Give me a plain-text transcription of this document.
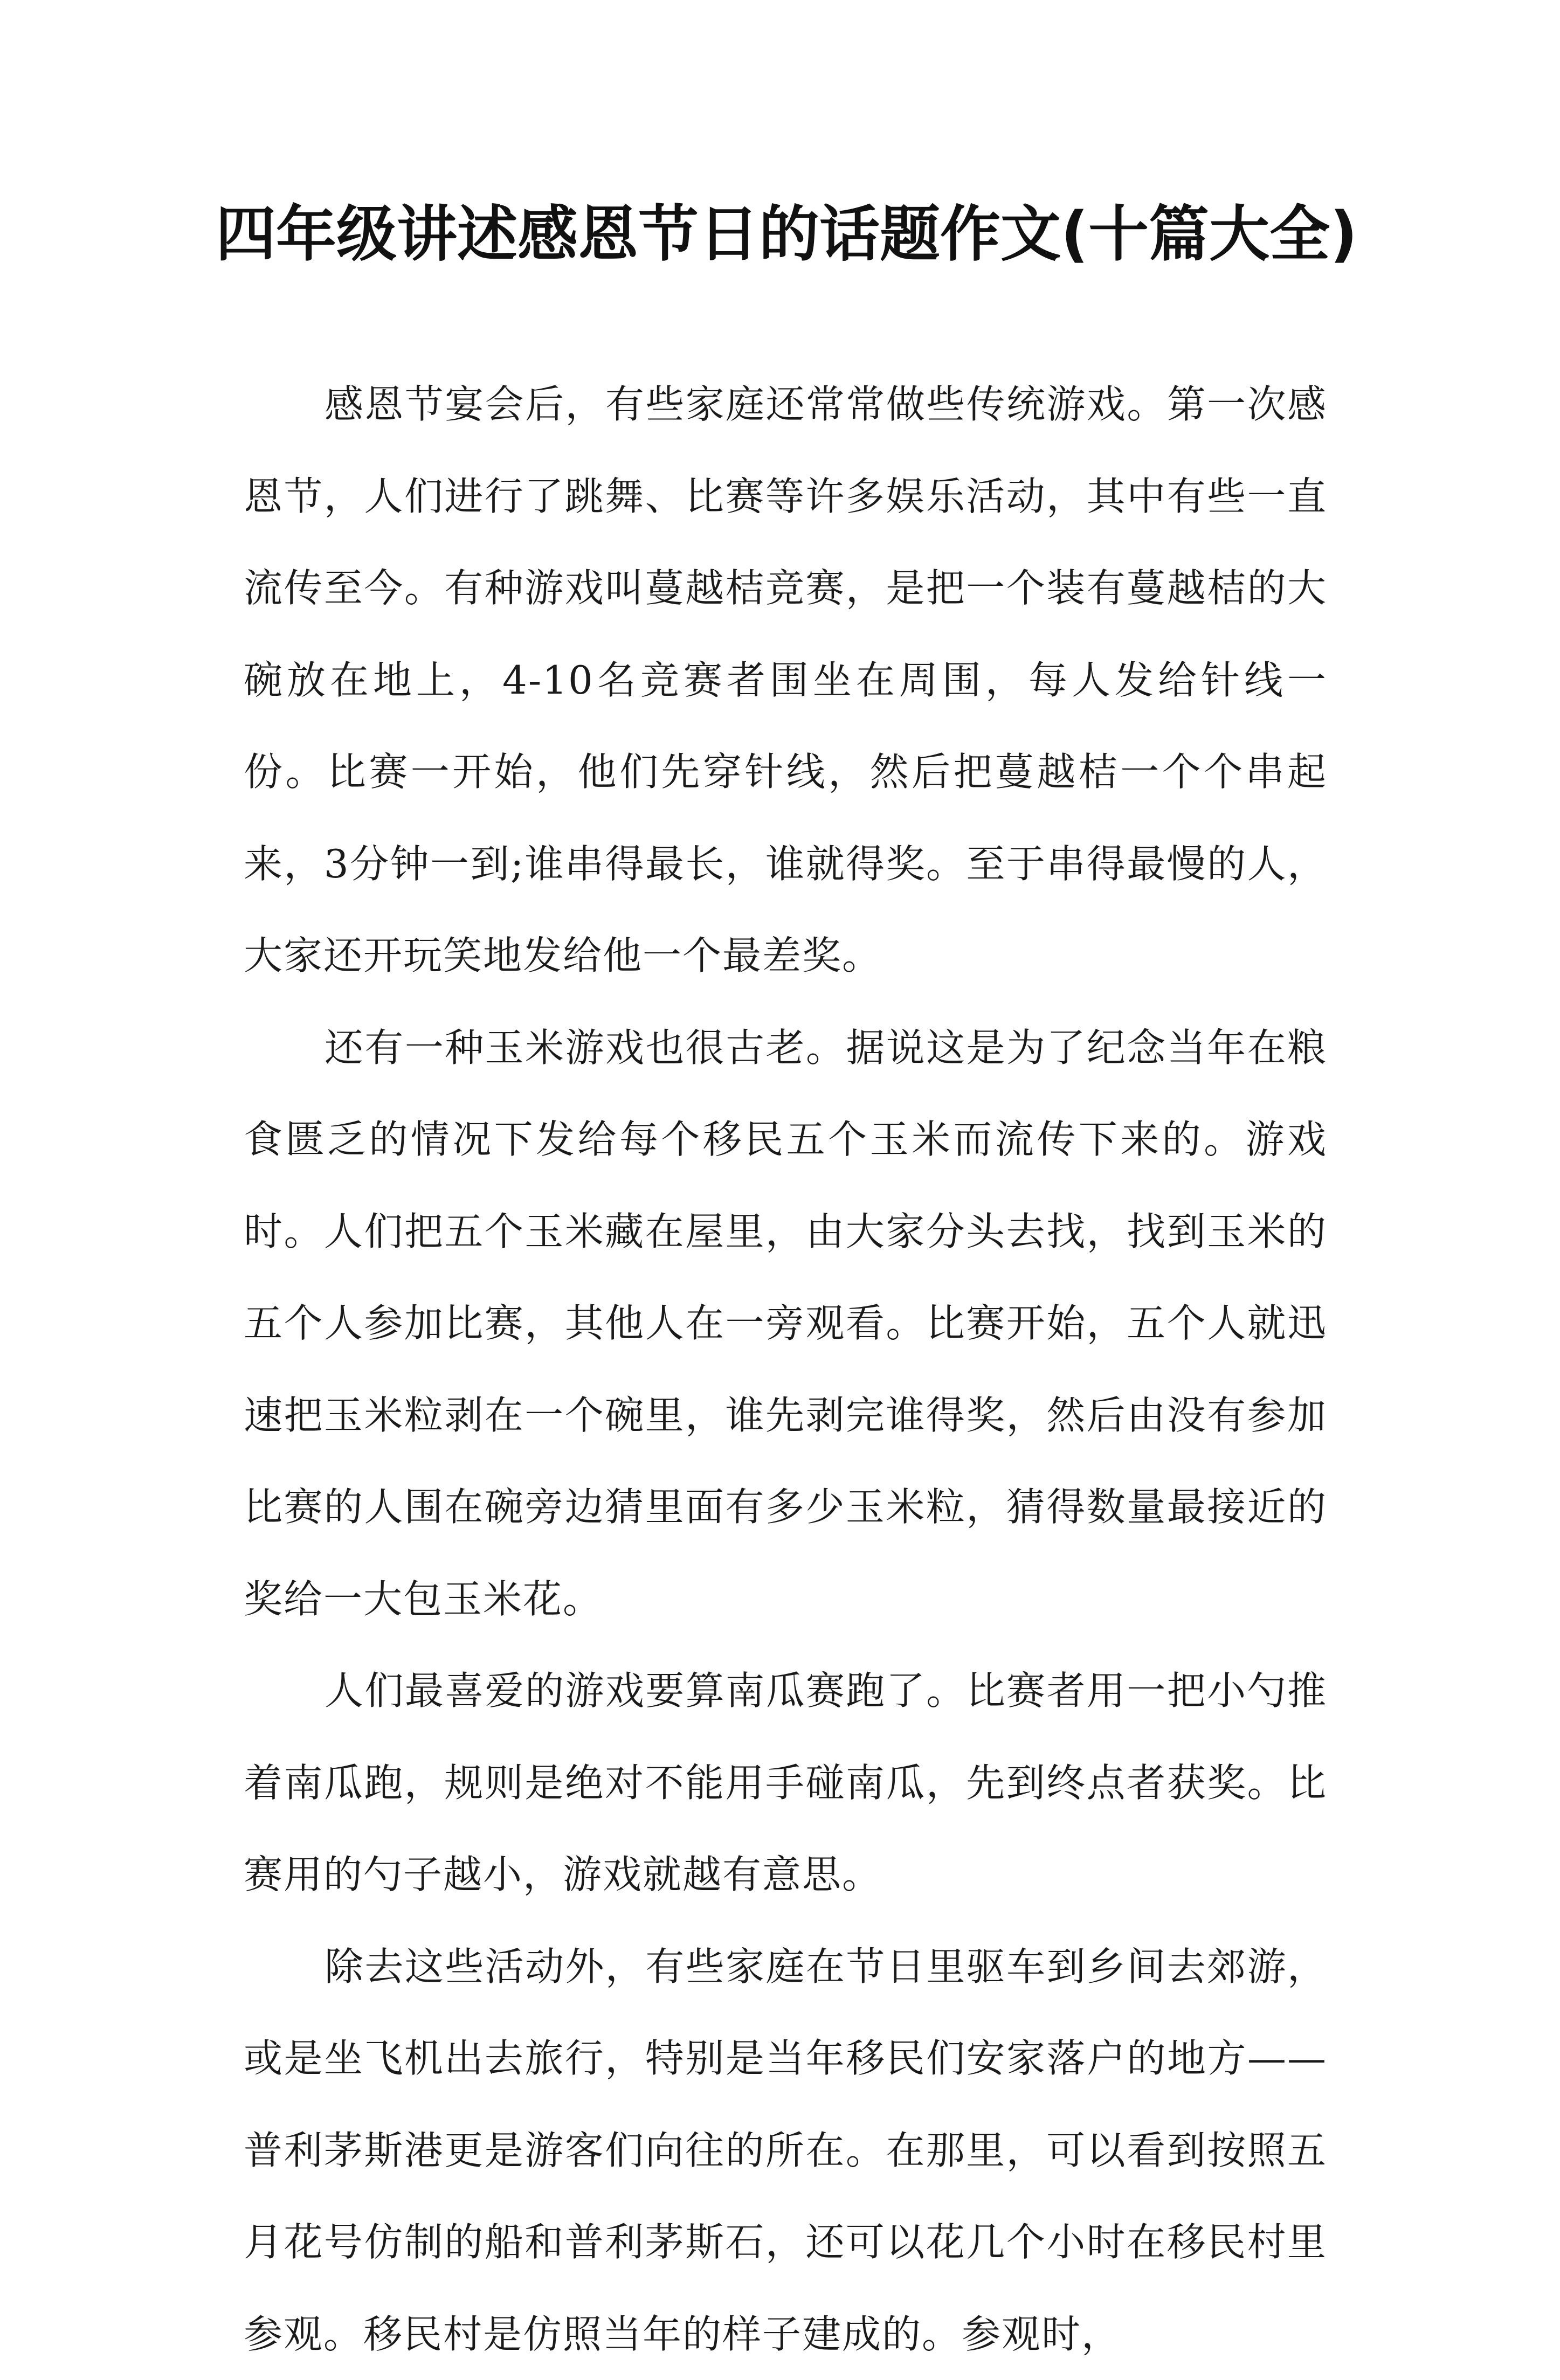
四年级讲述感恩节日的话题作文(十篇大全)

感恩节宴会后，有些家庭还常常做些传统游戏。第一次感恩节，人们进行了跳舞、比赛等许多娱乐活动，其中有些一直流传至今。有种游戏叫蔓越桔竞赛，是把一个装有蔓越桔的大碗放在地上，4-10名竞赛者围坐在周围，每人发给针线一份。比赛一开始，他们先穿针线，然后把蔓越桔一个个串起来，3分钟一到;谁串得最长，谁就得奖。至于串得最慢的人，大家还开玩笑地发给他一个最差奖。

还有一种玉米游戏也很古老。据说这是为了纪念当年在粮食匮乏的情况下发给每个移民五个玉米而流传下来的。游戏时。人们把五个玉米藏在屋里，由大家分头去找，找到玉米的五个人参加比赛，其他人在一旁观看。比赛开始，五个人就迅速把玉米粒剥在一个碗里，谁先剥完谁得奖，然后由没有参加比赛的人围在碗旁边猜里面有多少玉米粒，猜得数量最接近的奖给一大包玉米花。

人们最喜爱的游戏要算南瓜赛跑了。比赛者用一把小勺推着南瓜跑，规则是绝对不能用手碰南瓜，先到终点者获奖。比赛用的勺子越小，游戏就越有意思。

除去这些活动外，有些家庭在节日里驱车到乡间去郊游，或是坐飞机出去旅行，特别是当年移民们安家落户的地方——普利茅斯港更是游客们向往的所在。在那里，可以看到按照五月花号仿制的船和普利茅斯石，还可以花几个小时在移民村里参观。移民村是仿照当年的样子建成的。参观时，
